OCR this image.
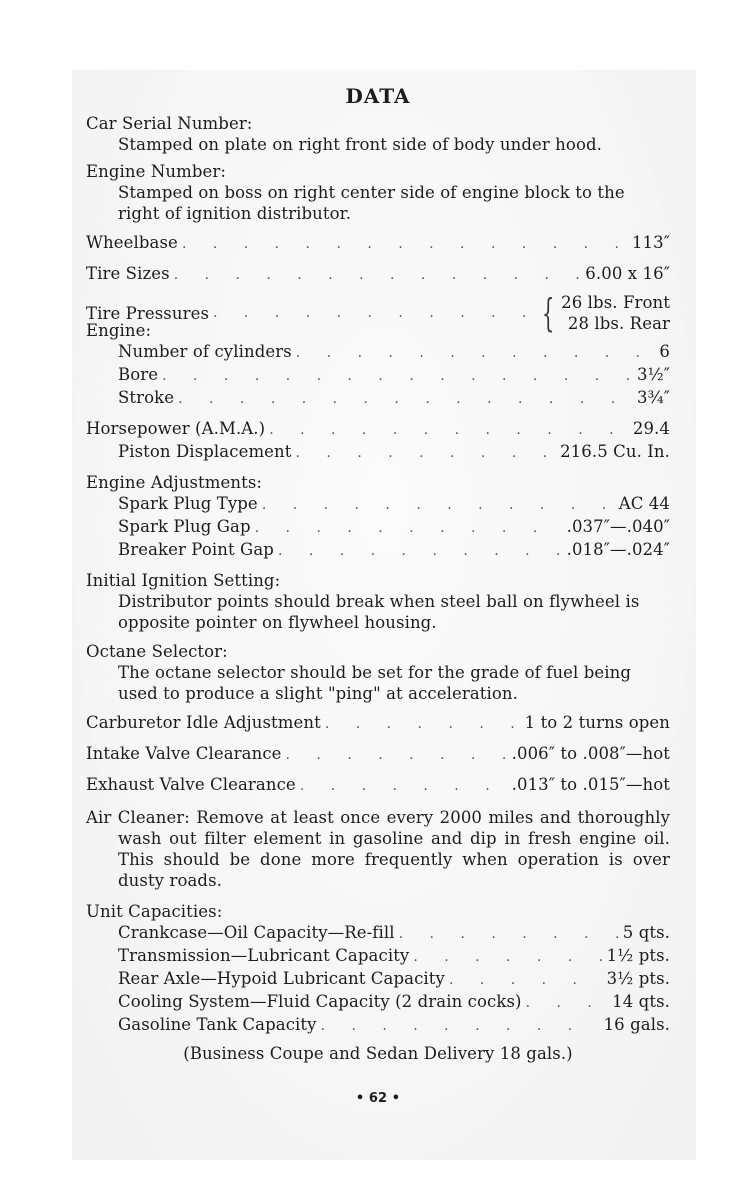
DATA
Car Serial Number:
Stamped on plate on right front side of body under hood.
Engine Number:
Stamped on boss on right center side of engine block to the right of ignition distributor.
Wheelbase . . .	113″
Tire Sizes . . .	6.00 x 16″
Tire Pressures . . .	{ 26 lbs. Front
28 lbs. Rear
Engine:
Number of cylinders . . .	6
Bore . . .	3½″
Stroke . . .	3¾″
Horsepower (A.M.A.) . . .	29.4
Piston Displacement . . .	216.5 Cu. In.
Engine Adjustments:
Spark Plug Type . . .	AC 44
Spark Plug Gap . . .	.037″—.040″
Breaker Point Gap . . .	.018″—.024″
Initial Ignition Setting:
Distributor points should break when steel ball on flywheel is opposite pointer on flywheel housing.
Octane Selector:
The octane selector should be set for the grade of fuel being used to produce a slight "ping" at acceleration.
Carburetor Idle Adjustment . . .	1 to 2 turns open
Intake Valve Clearance . . .	.006″ to .008″—hot
Exhaust Valve Clearance . . .	.013″ to .015″—hot
Air Cleaner: Remove at least once every 2000 miles and thoroughly wash out filter element in gasoline and dip in fresh engine oil. This should be done more frequently when operation is over dusty roads.
Unit Capacities:
Crankcase—Oil Capacity—Re-fill . . .	5 qts.
Transmission—Lubricant Capacity . . .	1½ pts.
Rear Axle—Hypoid Lubricant Capacity . . .	3½ pts.
Cooling System—Fluid Capacity (2 drain cocks) . . .	14 qts.
Gasoline Tank Capacity . . .	16 gals.
(Business Coupe and Sedan Delivery 18 gals.)
• 62 •
